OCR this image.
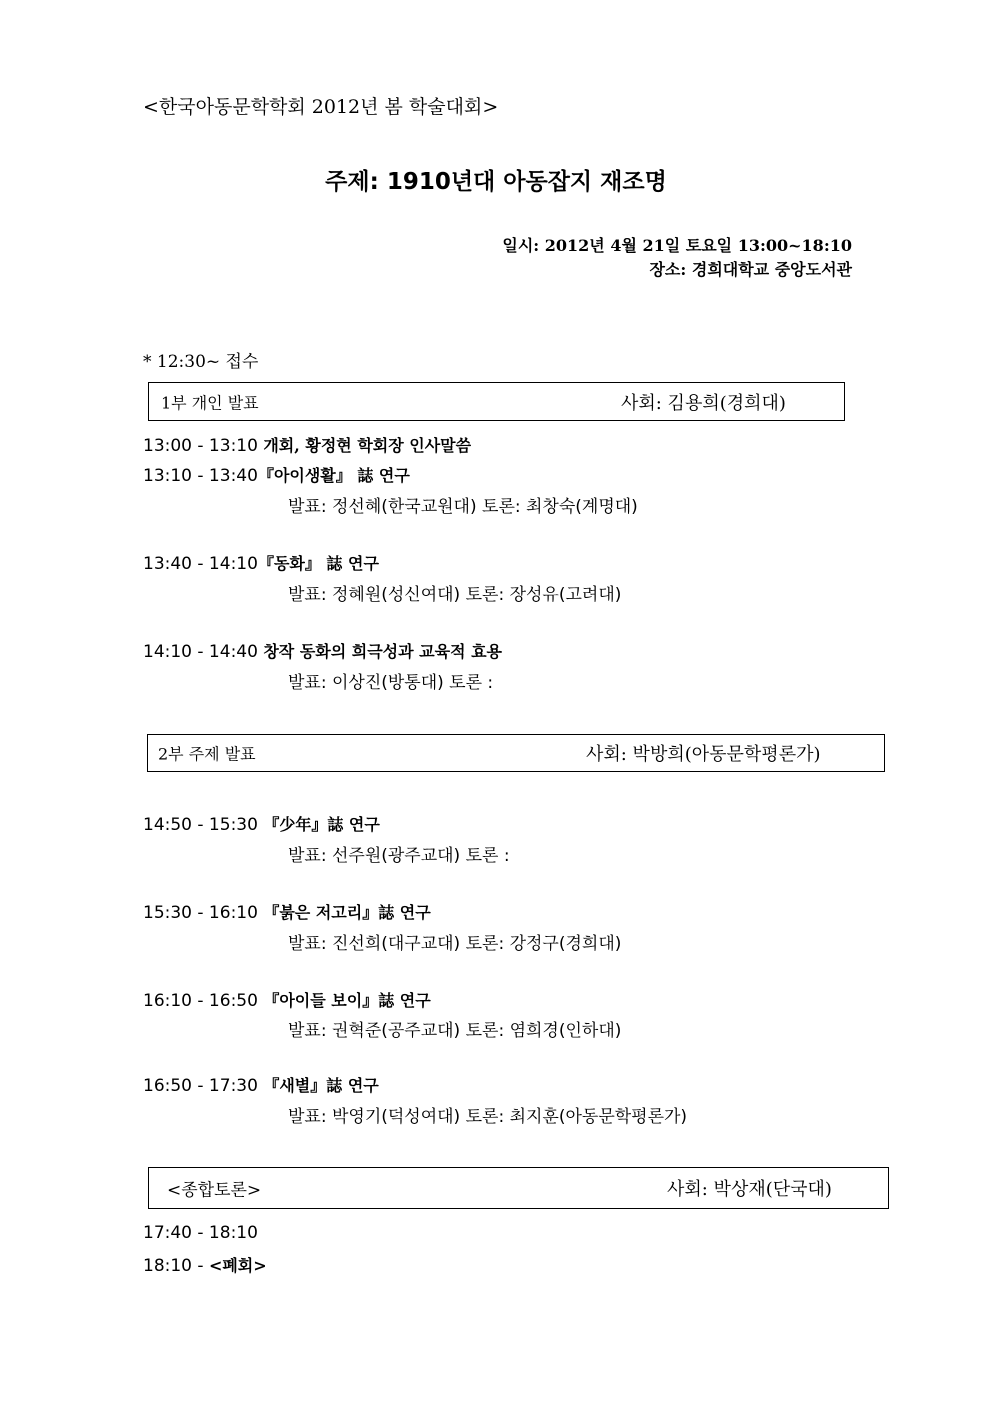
<한국아동문학학회 2012년 봄 학술대회>
주제: 1910년대 아동잡지 재조명
일시: 2012년 4월 21일 토요일 13:00~18:10
장소: 경희대학교 중앙도서관
* 12:30~ 접수
1부 개인 발표	사회: 김용희(경희대)
13:00 - 13:10 개회, 황정현 학회장 인사말씀
13:10 - 13:40『아이생활』 誌 연구
발표: 정선혜(한국교원대) 토론: 최창숙(계명대)
13:40 - 14:10『동화』 誌 연구
발표: 정혜원(성신여대) 토론: 장성유(고려대)
14:10 - 14:40 창작 동화의 희극성과 교육적 효용
발표: 이상진(방통대) 토론 :
2부 주제 발표	사회: 박방희(아동문학평론가)
14:50 - 15:30 『少年』誌 연구
발표: 선주원(광주교대) 토론 :
15:30 - 16:10 『붉은 저고리』誌 연구
발표: 진선희(대구교대) 토론: 강정구(경희대)
16:10 - 16:50 『아이들 보이』誌 연구
발표: 권혁준(공주교대) 토론: 염희경(인하대)
16:50 - 17:30 『새별』誌 연구
발표: 박영기(덕성여대) 토론: 최지훈(아동문학평론가)
<종합토론>	사회: 박상재(단국대)
17:40 - 18:10
18:10 - <폐회>
